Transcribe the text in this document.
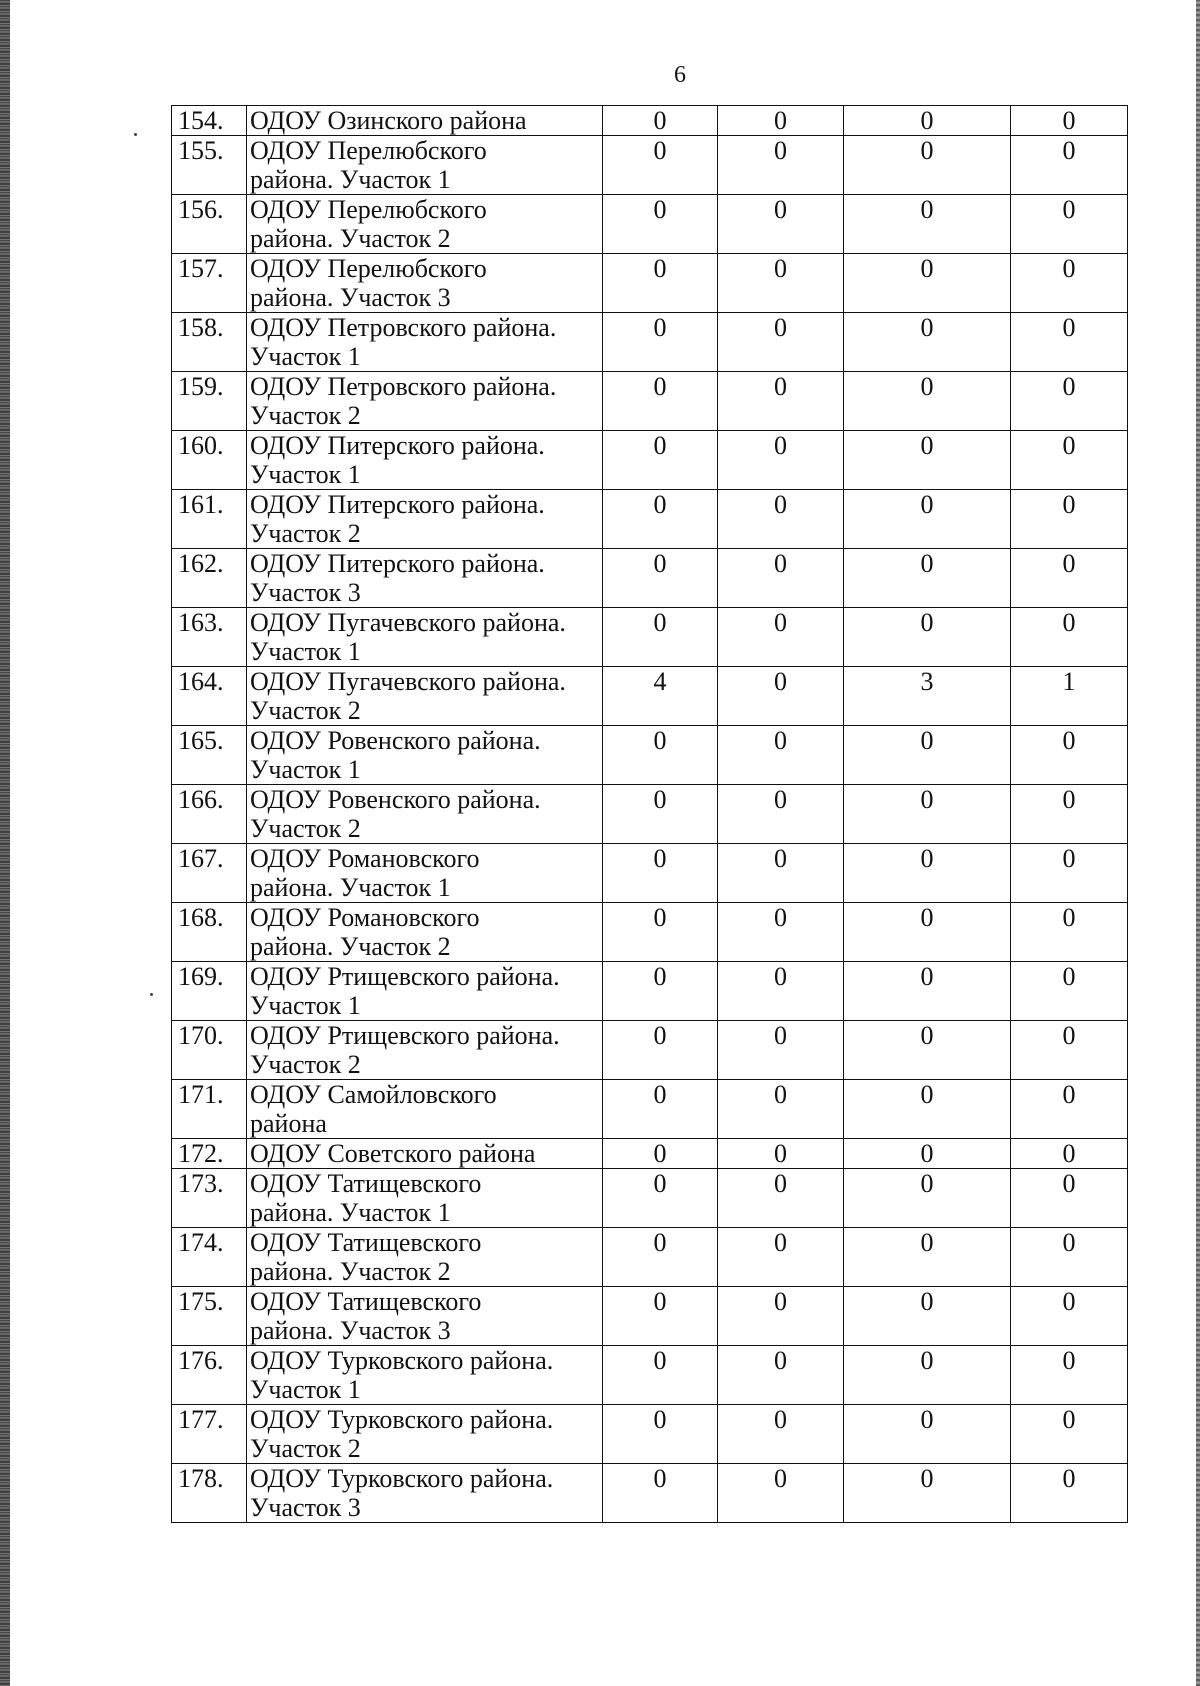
6
154.	ОДОУ Озинского района	0	0	0	0
155.	ОДОУ Перелюбского
района. Участок 1	0	0	0	0
156.	ОДОУ Перелюбского
района. Участок 2	0	0	0	0
157.	ОДОУ Перелюбского
района. Участок 3	0	0	0	0
158.	ОДОУ Петровского района.
Участок 1	0	0	0	0
159.	ОДОУ Петровского района.
Участок 2	0	0	0	0
160.	ОДОУ Питерского района.
Участок 1	0	0	0	0
161.	ОДОУ Питерского района.
Участок 2	0	0	0	0
162.	ОДОУ Питерского района.
Участок 3	0	0	0	0
163.	ОДОУ Пугачевского района.
Участок 1	0	0	0	0
164.	ОДОУ Пугачевского района.
Участок 2	4	0	3	1
165.	ОДОУ Ровенского района.
Участок 1	0	0	0	0
166.	ОДОУ Ровенского района.
Участок 2	0	0	0	0
167.	ОДОУ Романовского
района. Участок 1	0	0	0	0
168.	ОДОУ Романовского
района. Участок 2	0	0	0	0
169.	ОДОУ Ртищевского района.
Участок 1	0	0	0	0
170.	ОДОУ Ртищевского района.
Участок 2	0	0	0	0
171.	ОДОУ Самойловского
района	0	0	0	0
172.	ОДОУ Советского района	0	0	0	0
173.	ОДОУ Татищевского
района. Участок 1	0	0	0	0
174.	ОДОУ Татищевского
района. Участок 2	0	0	0	0
175.	ОДОУ Татищевского
района. Участок 3	0	0	0	0
176.	ОДОУ Турковского района.
Участок 1	0	0	0	0
177.	ОДОУ Турковского района.
Участок 2	0	0	0	0
178.	ОДОУ Турковского района.
Участок 3	0	0	0	0
